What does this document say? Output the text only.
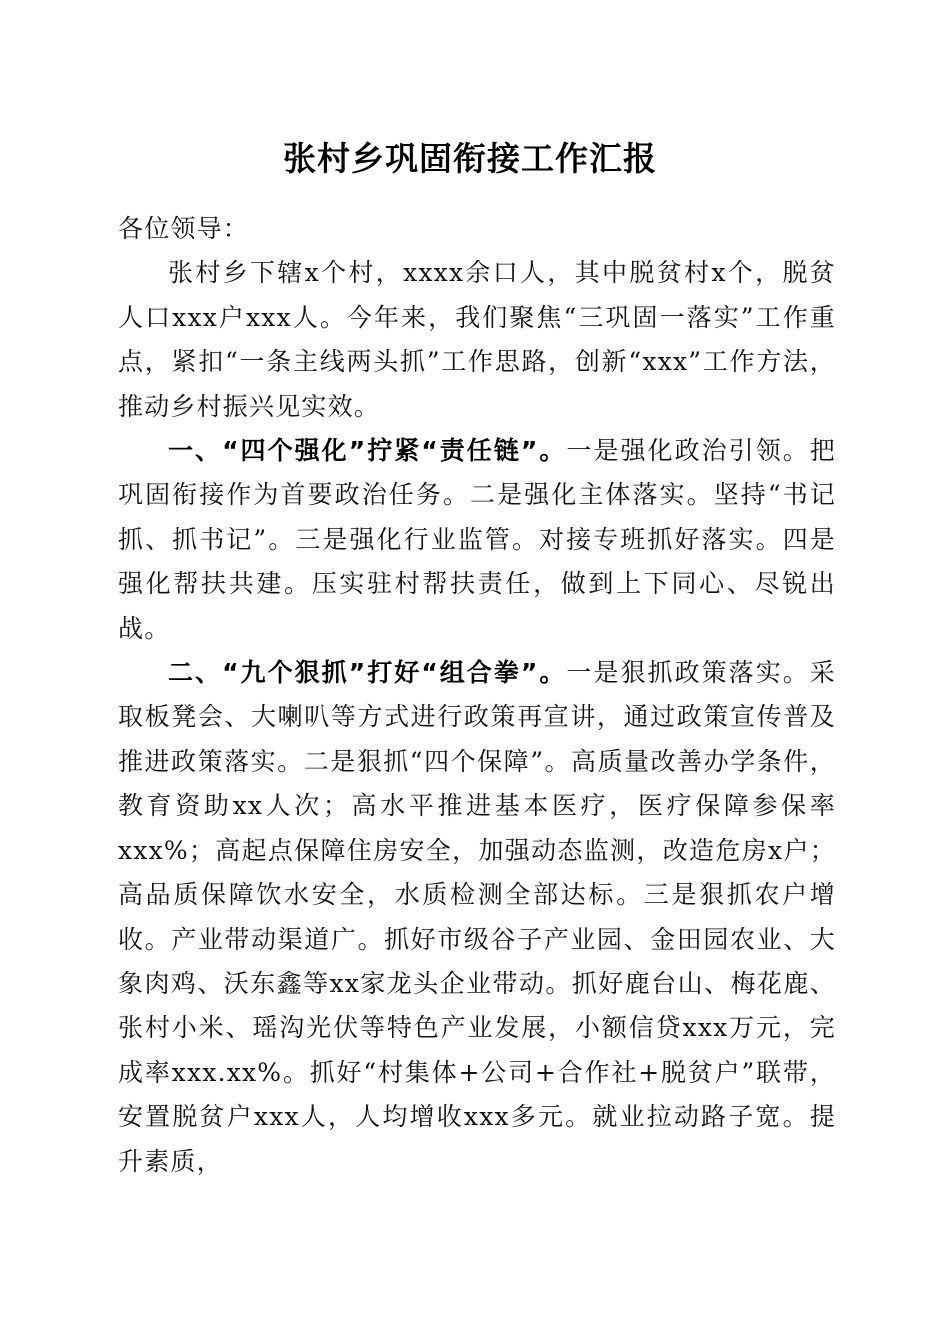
张村乡巩固衔接工作汇报

各位领导：

张村乡下辖x个村，xxxx余口人，其中脱贫村x个，脱贫人口xxx户xxx人。今年来，我们聚焦“三巩固一落实”工作重点，紧扣“一条主线两头抓”工作思路，创新“xxx”工作方法，推动乡村振兴见实效。

一、“四个强化”拧紧“责任链”。一是强化政治引领。把巩固衔接作为首要政治任务。二是强化主体落实。坚持“书记抓、抓书记”。三是强化行业监管。对接专班抓好落实。四是强化帮扶共建。压实驻村帮扶责任，做到上下同心、尽锐出战。

二、“九个狠抓”打好“组合拳”。一是狠抓政策落实。采取板凳会、大喇叭等方式进行政策再宣讲，通过政策宣传普及推进政策落实。二是狠抓“四个保障”。高质量改善办学条件，教育资助xx人次；高水平推进基本医疗，医疗保障参保率xxx%；高起点保障住房安全，加强动态监测，改造危房x户；高品质保障饮水安全，水质检测全部达标。三是狠抓农户增收。产业带动渠道广。抓好市级谷子产业园、金田园农业、大象肉鸡、沃东鑫等xx家龙头企业带动。抓好鹿台山、梅花鹿、张村小米、瑶沟光伏等特色产业发展，小额信贷xxx万元，完成率xxx.xx%。抓好“村集体+公司+合作社+脱贫户”联带，安置脱贫户xxx人，人均增收xxx多元。就业拉动路子宽。提升素质，
